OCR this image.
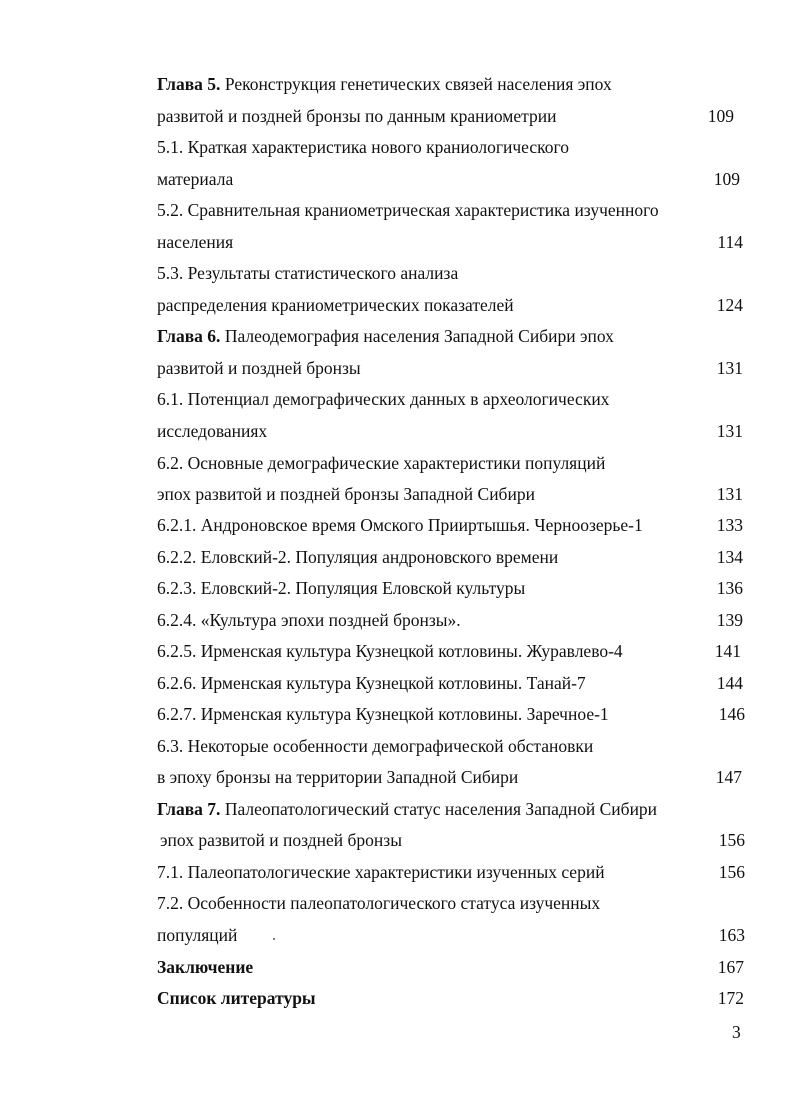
Глава 5. Реконструкция генетических связей населения эпох
развитой и поздней бронзы по данным краниометрии	109
5.1. Краткая характеристика нового краниологического
материала	109
5.2. Сравнительная краниометрическая характеристика изученного
населения	114
5.3. Результаты статистического анализа
распределения краниометрических показателей	124
Глава 6. Палеодемография населения Западной Сибири эпох
развитой и поздней бронзы	131
6.1. Потенциал демографических данных в археологических
исследованиях	131
6.2. Основные демографические характеристики популяций
эпох развитой и поздней бронзы Западной Сибири	131
6.2.1. Андроновское время Омского Прииртышья. Черноозерье-1	133
6.2.2. Еловский-2. Популяция андроновского времени	134
6.2.3. Еловский-2. Популяция Еловской культуры	136
6.2.4. «Культура эпохи поздней бронзы».	139
6.2.5. Ирменская культура Кузнецкой котловины. Журавлево-4	141
6.2.6. Ирменская культура Кузнецкой котловины. Танай-7	144
6.2.7. Ирменская культура Кузнецкой котловины. Заречное-1	146
6.3. Некоторые особенности демографической обстановки
в эпоху бронзы на территории Западной Сибири	147
Глава 7. Палеопатологический статус населения Западной Сибири
эпох развитой и поздней бронзы	156
7.1. Палеопатологические характеристики изученных серий	156
7.2. Особенности палеопатологического статуса изученных
популяций	163
Заключение	167
Список литературы	172
3
